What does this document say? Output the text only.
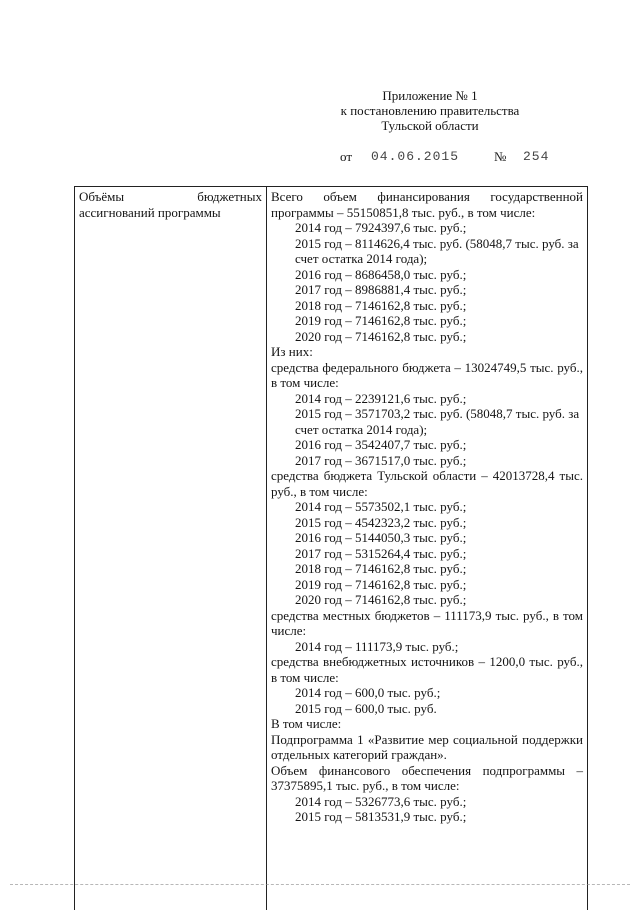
Приложение № 1
к постановлению правительства
Тульской области
от 04.06.2015	№ 254
Объёмы	бюджетных
ассигнований программы

Всего объем финансирования государственной программы – 55150851,8 тыс. руб., в том числе:

2014 год – 7924397,6 тыс. руб.;

2015 год – 8114626,4 тыс. руб. (58048,7 тыс. руб. за счет остатка 2014 года);

2016 год – 8686458,0 тыс. руб.;

2017 год – 8986881,4 тыс. руб.;

2018 год – 7146162,8 тыс. руб.;

2019 год – 7146162,8 тыс. руб.;

2020 год – 7146162,8 тыс. руб.;

Из них:

средства федерального бюджета – 13024749,5 тыс. руб., в том числе:

2014 год – 2239121,6 тыс. руб.;

2015 год – 3571703,2 тыс. руб. (58048,7 тыс. руб. за счет остатка 2014 года);

2016 год – 3542407,7 тыс. руб.;

2017 год – 3671517,0 тыс. руб.;

средства бюджета Тульской области – 42013728,4 тыс. руб., в том числе:

2014 год – 5573502,1 тыс. руб.;

2015 год – 4542323,2 тыс. руб.;

2016 год – 5144050,3 тыс. руб.;

2017 год – 5315264,4 тыс. руб.;

2018 год – 7146162,8 тыс. руб.;

2019 год – 7146162,8 тыс. руб.;

2020 год – 7146162,8 тыс. руб.;

средства местных бюджетов – 111173,9 тыс. руб., в том числе:

2014 год – 111173,9 тыс. руб.;

средства внебюджетных источников – 1200,0 тыс. руб., в том числе:

2014 год – 600,0 тыс. руб.;

2015 год – 600,0 тыс. руб.

В том числе:

Подпрограмма 1 «Развитие мер социальной поддержки отдельных категорий граждан».

Объем финансового обеспечения подпрограммы – 37375895,1 тыс. руб., в том числе:

2014 год – 5326773,6 тыс. руб.;

2015 год – 5813531,9 тыс. руб.;
